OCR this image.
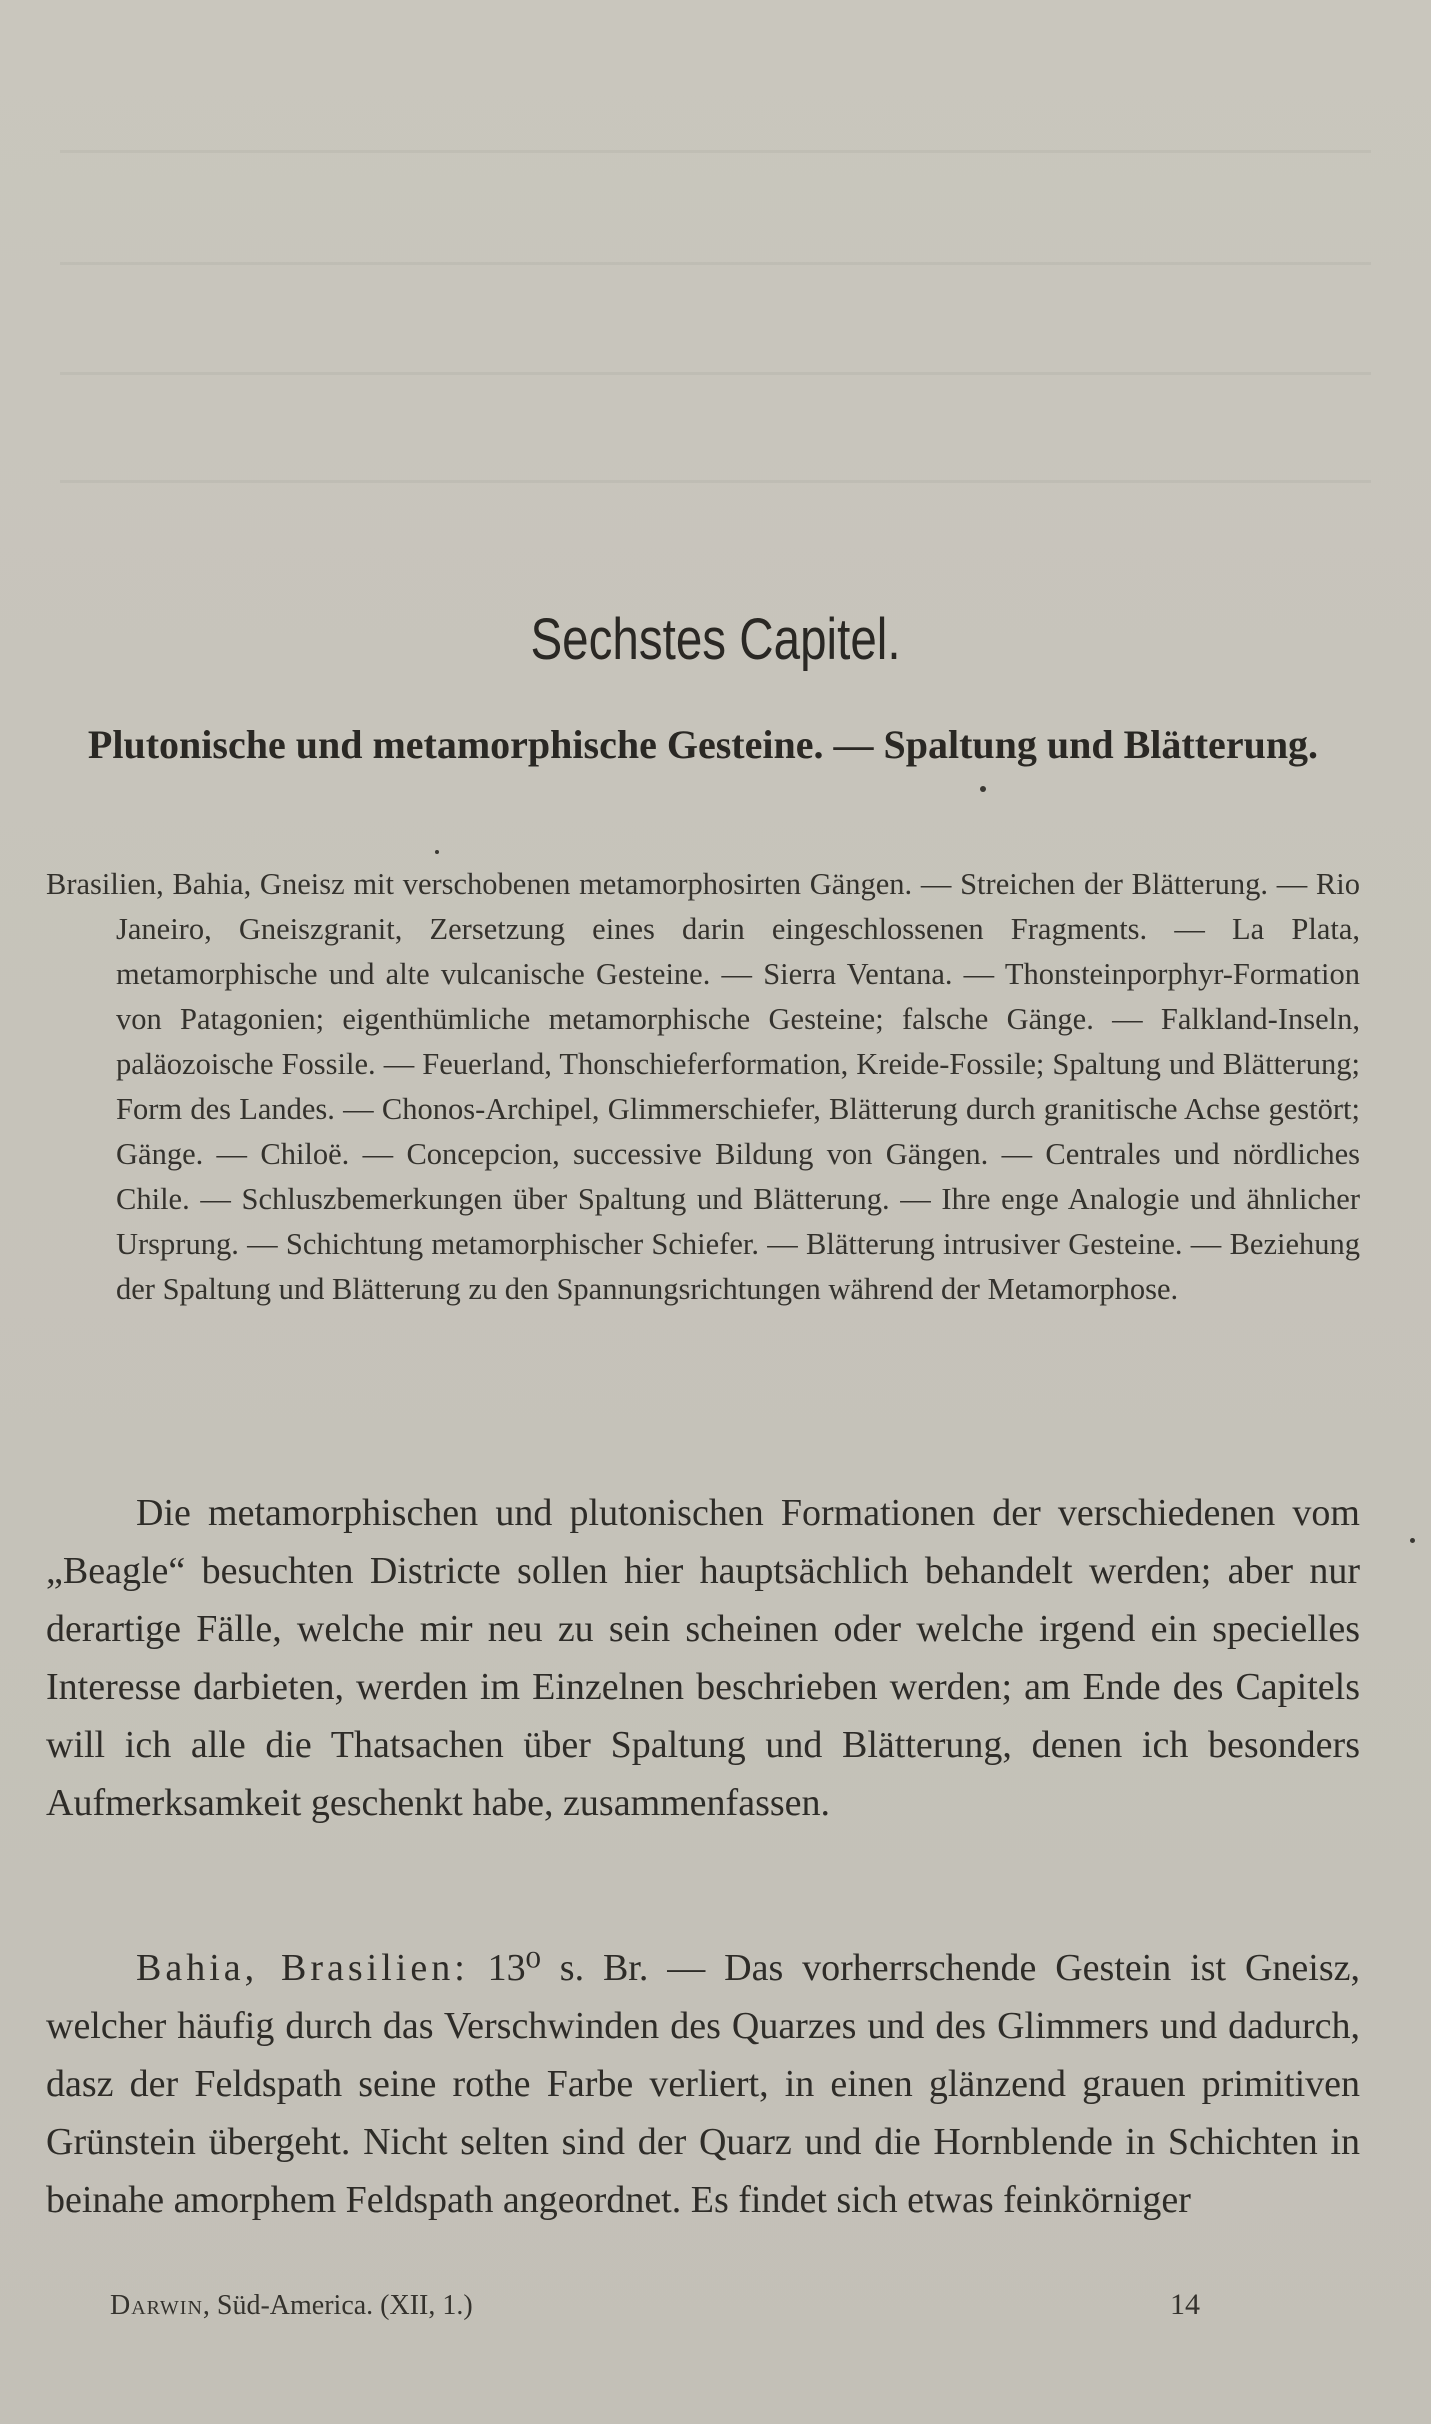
Sechstes Capitel.
Plutonische und metamorphische Gesteine. — Spaltung und Blätterung.

Brasilien, Bahia, Gneisz mit verschobenen metamorphosirten Gängen. — Streichen der Blätterung. — Rio Janeiro, Gneiszgranit, Zersetzung eines darin eingeschlossenen Fragments. — La Plata, metamorphische und alte vulcanische Gesteine. — Sierra Ventana. — Thonsteinporphyr-Formation von Patagonien; eigenthümliche metamorphische Gesteine; falsche Gänge. — Falkland-Inseln, paläozoische Fossile. — Feuerland, Thonschieferformation, Kreide-Fossile; Spaltung und Blätterung; Form des Landes. — Chonos-Archipel, Glimmerschiefer, Blätterung durch granitische Achse gestört; Gänge. — Chiloë. — Concepcion, successive Bildung von Gängen. — Centrales und nördliches Chile. — Schluszbemerkungen über Spaltung und Blätterung. — Ihre enge Analogie und ähnlicher Ursprung. — Schichtung metamorphischer Schiefer. — Blätterung intrusiver Gesteine. — Beziehung der Spaltung und Blätterung zu den Spannungsrichtungen während der Metamorphose.

Die metamorphischen und plutonischen Formationen der verschiedenen vom „Beagle“ besuchten Districte sollen hier hauptsächlich behandelt werden; aber nur derartige Fälle, welche mir neu zu sein scheinen oder welche irgend ein specielles Interesse darbieten, werden im Einzelnen beschrieben werden; am Ende des Capitels will ich alle die Thatsachen über Spaltung und Blätterung, denen ich besonders Aufmerksamkeit geschenkt habe, zusammenfassen.

Bahia, Brasilien: 13⁰ s. Br. — Das vorherrschende Gestein ist Gneisz, welcher häufig durch das Verschwinden des Quarzes und des Glimmers und dadurch, dasz der Feldspath seine rothe Farbe verliert, in einen glänzend grauen primitiven Grünstein übergeht. Nicht selten sind der Quarz und die Hornblende in Schichten in beinahe amorphem Feldspath angeordnet. Es findet sich etwas feinkörniger

Darwin, Süd-America. (XII, 1.)	14
